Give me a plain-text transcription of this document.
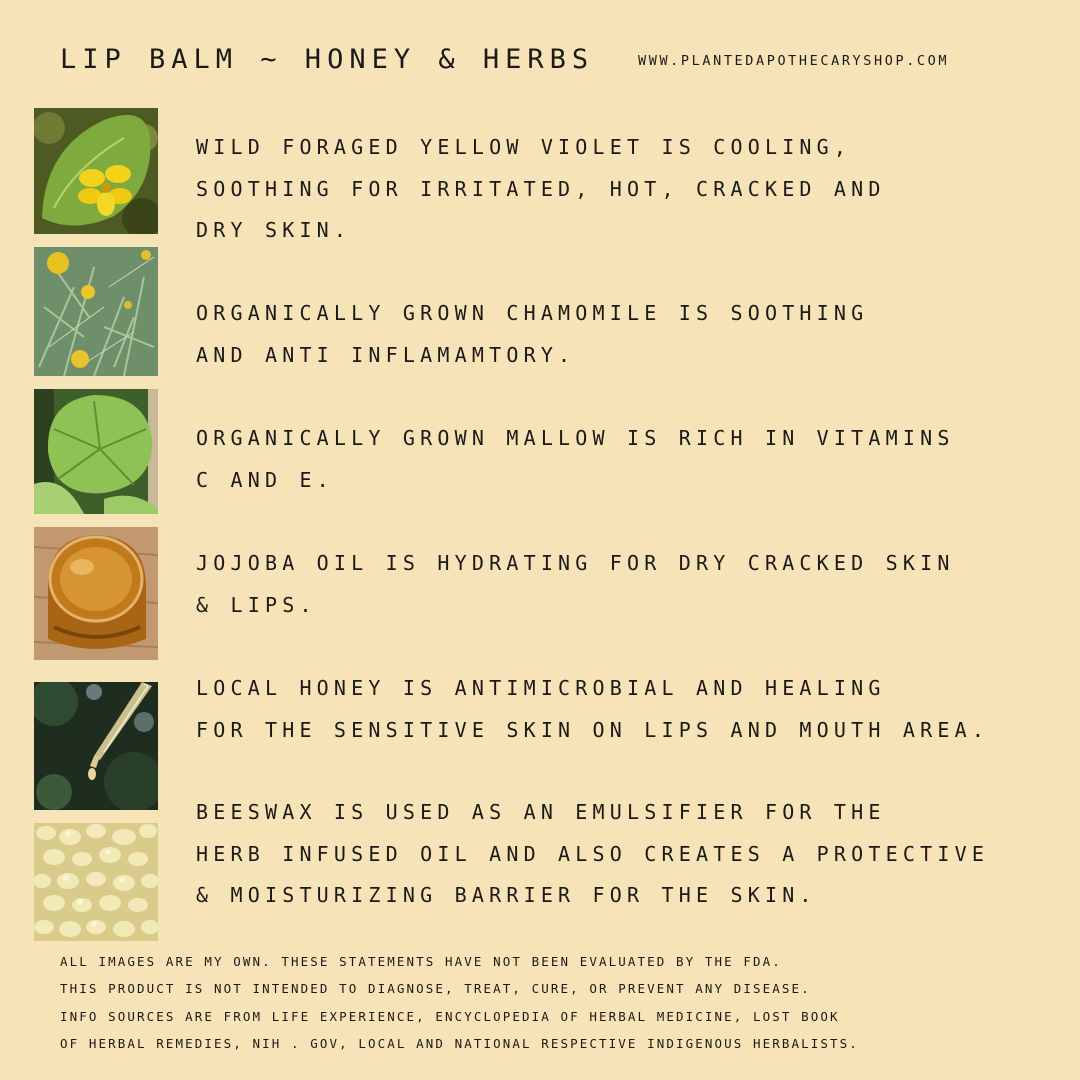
LIP BALM ~ HONEY & HERBS	WWW.PLANTEDAPOTHECARYSHOP.COM
WILD FORAGED YELLOW VIOLET IS COOLING,
SOOTHING FOR IRRITATED, HOT, CRACKED AND
DRY SKIN.
ORGANICALLY GROWN CHAMOMILE IS SOOTHING
AND ANTI INFLAMAMTORY.
ORGANICALLY GROWN MALLOW IS RICH IN VITAMINS
C AND E.
JOJOBA OIL IS HYDRATING FOR DRY CRACKED SKIN
& LIPS.
LOCAL HONEY IS ANTIMICROBIAL AND HEALING
FOR THE SENSITIVE SKIN ON LIPS AND MOUTH AREA.
BEESWAX IS USED AS AN EMULSIFIER FOR THE
HERB INFUSED OIL AND ALSO CREATES A PROTECTIVE
& MOISTURIZING BARRIER FOR THE SKIN.
ALL IMAGES ARE MY OWN. THESE STATEMENTS HAVE NOT BEEN EVALUATED BY THE FDA.
THIS PRODUCT IS NOT INTENDED TO DIAGNOSE, TREAT, CURE, OR PREVENT ANY DISEASE.
INFO SOURCES ARE FROM LIFE EXPERIENCE, ENCYCLOPEDIA OF HERBAL MEDICINE, LOST BOOK
OF HERBAL REMEDIES, NIH . GOV, LOCAL AND NATIONAL RESPECTIVE INDIGENOUS HERBALISTS.
